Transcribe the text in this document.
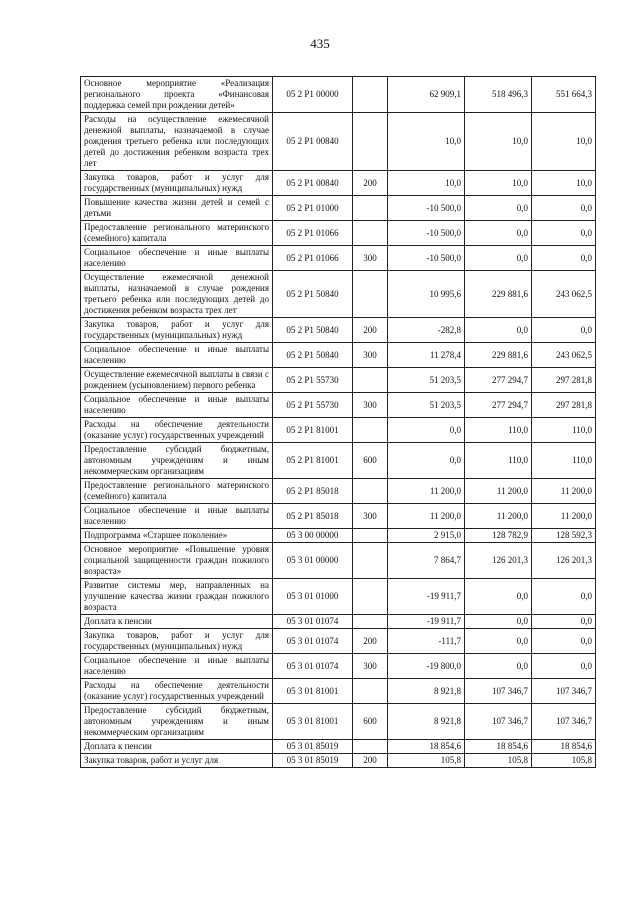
435
Основное мероприятие «Реализация регионального проекта «Финансовая поддержка семей при рождении детей»	05 2 P1 00000		62 909,1	518 496,3	551 664,3
Расходы на осуществление ежемесячной денежной выплаты, назначаемой в случае рождения третьего ребенка или последующих детей до достижения ребенком возраста трех лет	05 2 P1 00840		10,0	10,0	10,0
Закупка товаров, работ и услуг для государственных (муниципальных) нужд	05 2 P1 00840	200	10,0	10,0	10,0
Повышение качества жизни детей и семей с детьми	05 2 P1 01000		-10 500,0	0,0	0,0
Предоставление регионального материнского (семейного) капитала	05 2 P1 01066		-10 500,0	0,0	0,0
Социальное обеспечение и иные выплаты населению	05 2 P1 01066	300	-10 500,0	0,0	0,0
Осуществление ежемесячной денежной выплаты, назначаемой в случае рождения третьего ребенка или последующих детей до достижения ребенком возраста трех лет	05 2 P1 50840		10 995,6	229 881,6	243 062,5
Закупка товаров, работ и услуг для государственных (муниципальных) нужд	05 2 P1 50840	200	-282,8	0,0	0,0
Социальное обеспечение и иные выплаты населению	05 2 P1 50840	300	11 278,4	229 881,6	243 062,5
Осуществление ежемесячной выплаты в связи с рождением (усыновлением) первого ребенка	05 2 P1 55730		51 203,5	277 294,7	297 281,8
Социальное обеспечение и иные выплаты населению	05 2 P1 55730	300	51 203,5	277 294,7	297 281,8
Расходы на обеспечение деятельности (оказание услуг) государственных учреждений	05 2 P1 81001		0,0	110,0	110,0
Предоставление субсидий бюджетным, автономным учреждениям и иным некоммерческим организациям	05 2 P1 81001	600	0,0	110,0	110,0
Предоставление регионального материнского (семейного) капитала	05 2 P1 85018		11 200,0	11 200,0	11 200,0
Социальное обеспечение и иные выплаты населению	05 2 P1 85018	300	11 200,0	11 200,0	11 200,0
Подпрограмма «Старшее поколение»	05 3 00 00000		2 915,0	128 782,9	128 592,3
Основное мероприятие «Повышение уровня социальной защищенности граждан пожилого возраста»	05 3 01 00000		7 864,7	126 201,3	126 201,3
Развитие системы мер, направленных на улучшение качества жизни граждан пожилого возраста	05 3 01 01000		-19 911,7	0,0	0,0
Доплата к пенсии	05 3 01 01074		-19 911,7	0,0	0,0
Закупка товаров, работ и услуг для государственных (муниципальных) нужд	05 3 01 01074	200	-111,7	0,0	0,0
Социальное обеспечение и иные выплаты населению	05 3 01 01074	300	-19 800,0	0,0	0,0
Расходы на обеспечение деятельности (оказание услуг) государственных учреждений	05 3 01 81001		8 921,8	107 346,7	107 346,7
Предоставление субсидий бюджетным, автономным учреждениям и иным некоммерческим организациям	05 3 01 81001	600	8 921,8	107 346,7	107 346,7
Доплата к пенсии	05 3 01 85019		18 854,6	18 854,6	18 854,6
Закупка товаров, работ и услуг для	05 3 01 85019	200	105,8	105,8	105,8
